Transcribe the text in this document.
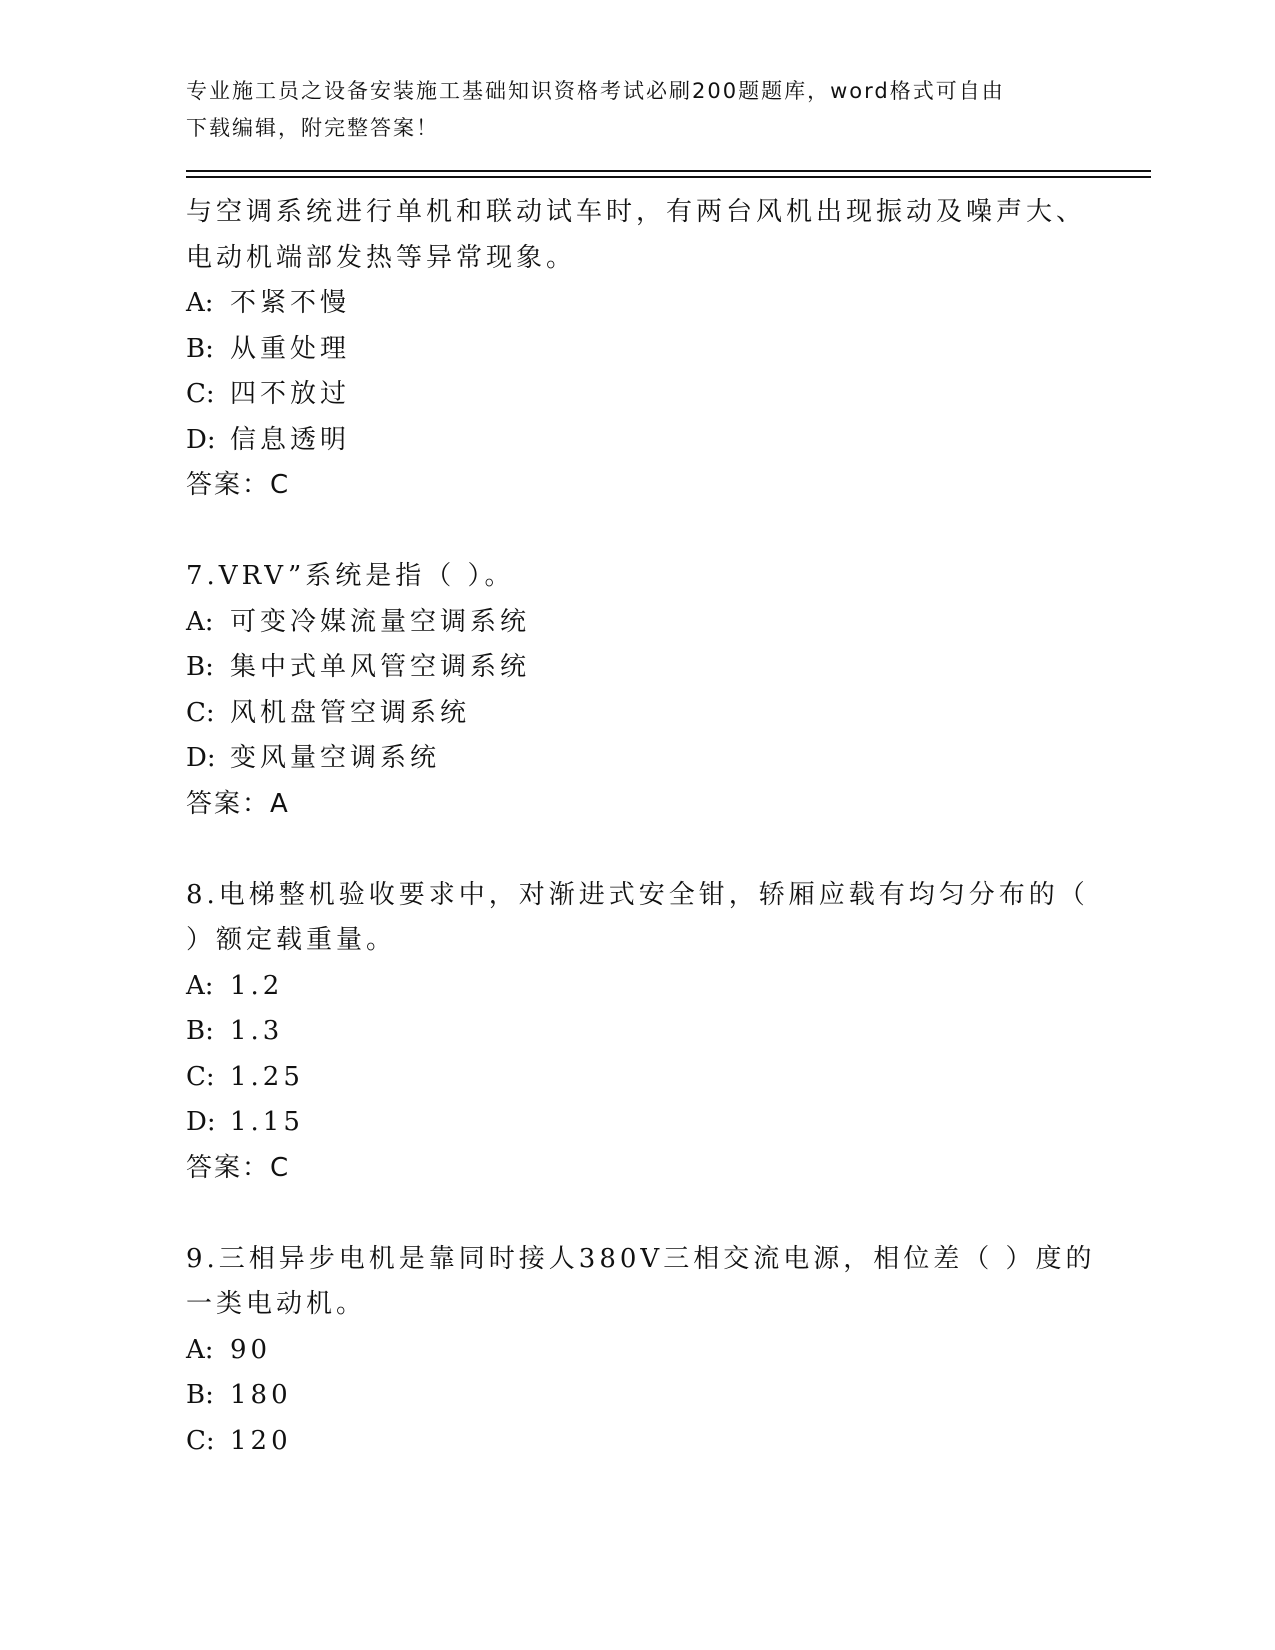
专业施工员之设备安装施工基础知识资格考试必刷200题题库，word格式可自由
下载编辑，附完整答案！
与空调系统进行单机和联动试车时，有两台风机出现振动及噪声大、
电动机端部发热等异常现象。
A: 不紧不慢
B: 从重处理
C: 四不放过
D: 信息透明
答案：C
7.VRV”系统是指（ ）。
A: 可变冷媒流量空调系统
B: 集中式单风管空调系统
C: 风机盘管空调系统
D: 变风量空调系统
答案：A
8.电梯整机验收要求中，对渐进式安全钳，轿厢应载有均匀分布的（
）额定载重量。
A: 1.2
B: 1.3
C: 1.25
D: 1.15
答案：C
9.三相异步电机是靠同时接人380V三相交流电源，相位差（ ）度的
一类电动机。
A: 90
B: 180
C: 120
